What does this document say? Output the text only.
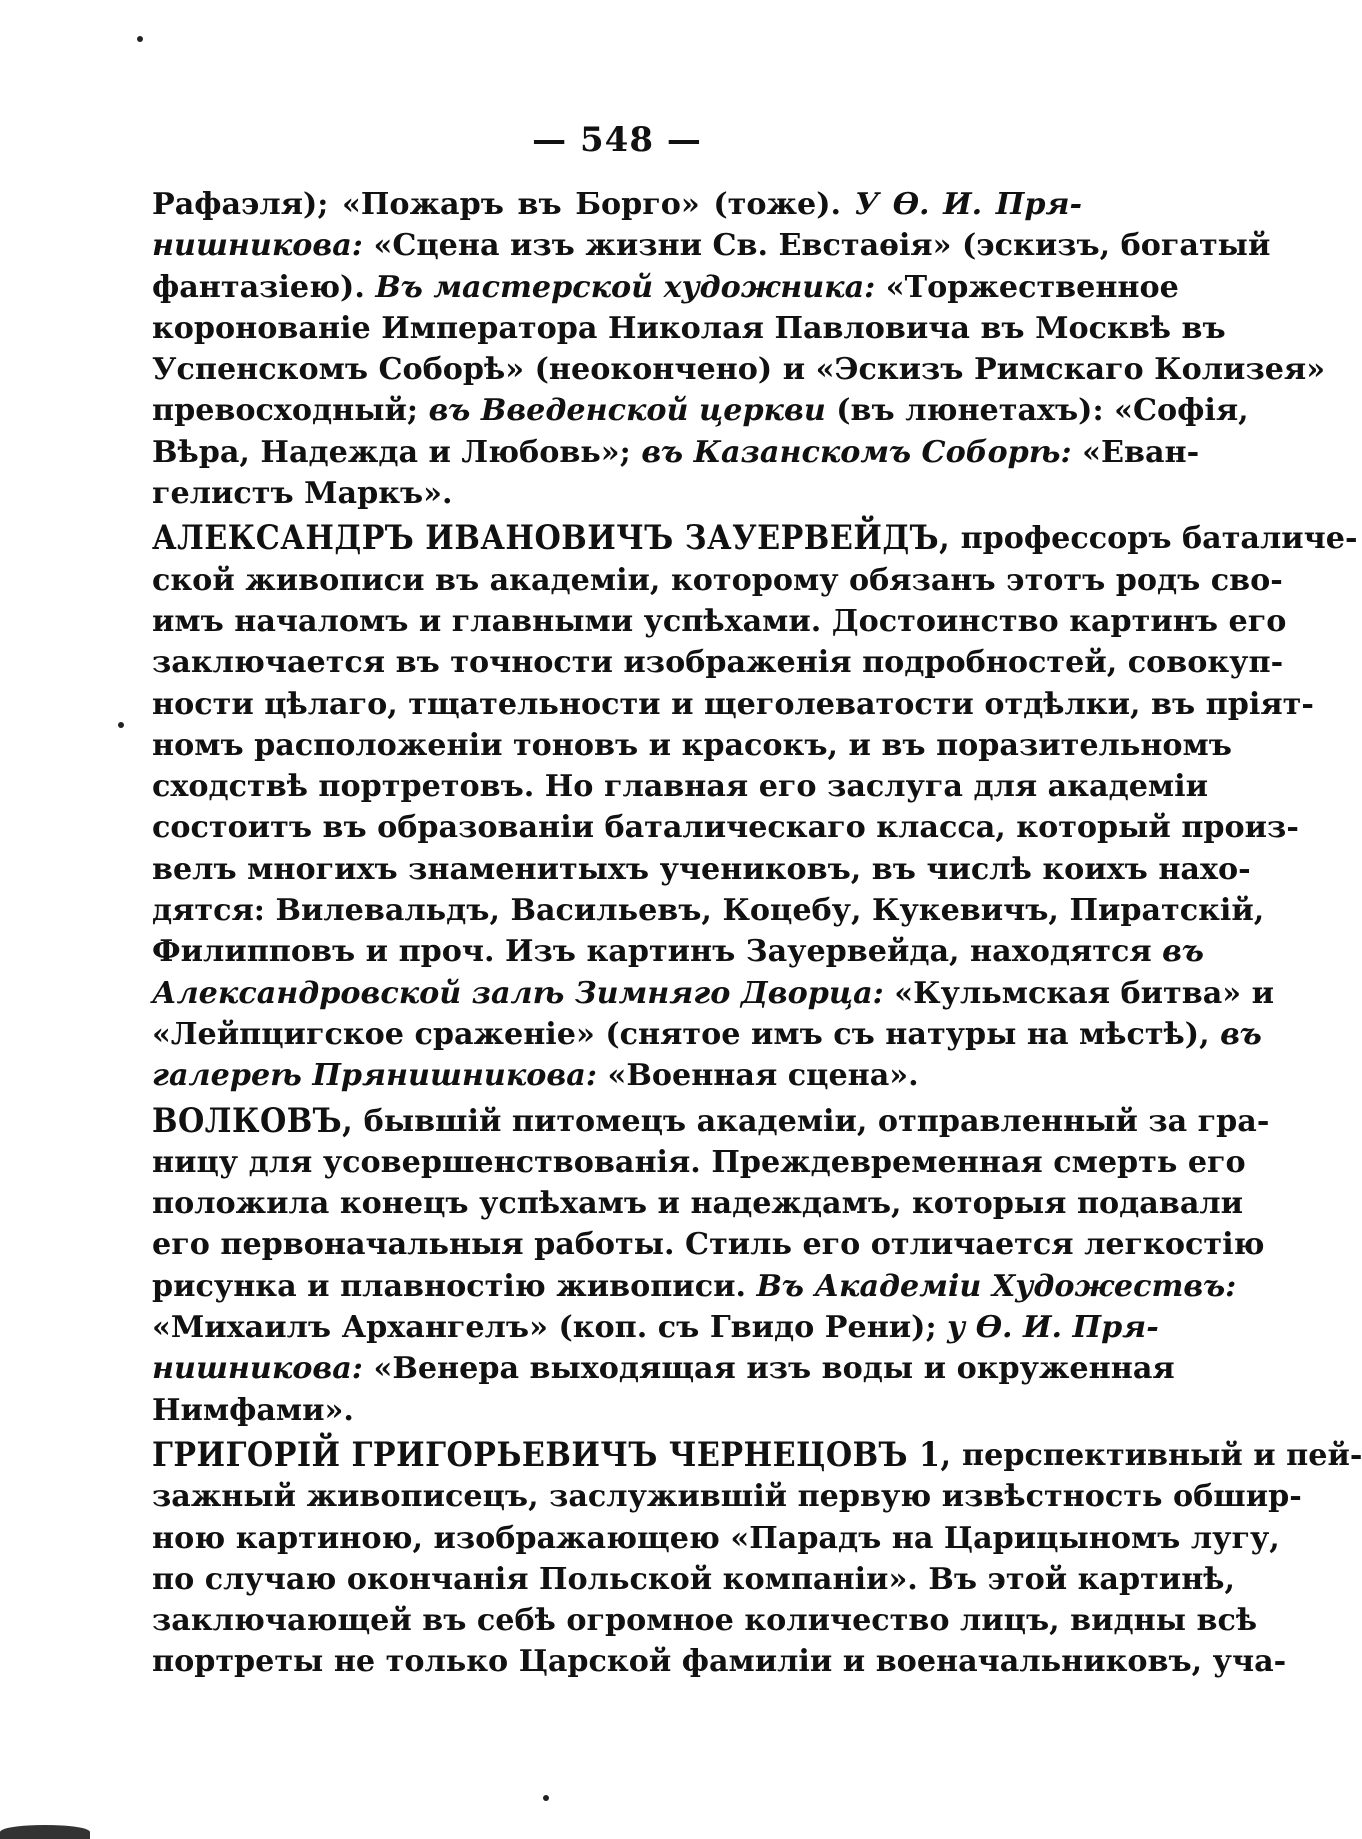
— 548 —
Рафаэля); «Пожаръ въ Борго» (тоже). У Ѳ. И. Пря-
нишникова: «Сцена изъ жизни Св. Евстаѳія» (эскизъ, богатый
фантазіею). Въ мастерской художника: «Торжественное
коронованіе Императора Николая Павловича въ Москвѣ въ
Успенскомъ Соборѣ» (неокончено) и «Эскизъ Римскаго Колизея»
превосходный; въ Введенской церкви (въ люнетахъ): «Софія,
Вѣра, Надежда и Любовь»; въ Казанскомъ Соборѣ: «Еван-
гелистъ Маркъ».
АЛЕКСАНДРЪ ИВАНОВИЧЪ ЗАУЕРВЕЙДЪ, профессоръ баталиче-
ской живописи въ академіи, которому обязанъ этотъ родъ сво-
имъ началомъ и главными успѣхами. Достоинство картинъ его
заключается въ точности изображенія подробностей, совокуп-
ности цѣлаго, тщательности и щеголеватости отдѣлки, въ пріят-
номъ расположеніи тоновъ и красокъ, и въ поразительномъ
сходствѣ портретовъ. Но главная его заслуга для академіи
состоитъ въ образованіи баталическаго класса, который произ-
велъ многихъ знаменитыхъ учениковъ, въ числѣ коихъ нахо-
дятся: Вилевальдъ, Васильевъ, Коцебу, Кукевичъ, Пиратскій,
Филипповъ и проч. Изъ картинъ Зауервейда, находятся въ
Александровской залѣ Зимняго Дворца: «Кульмская битва» и
«Лейпцигское сраженіе» (снятое имъ съ натуры на мѣстѣ), въ
галереѣ Прянишникова: «Военная сцена».
ВОЛКОВЪ, бывшій питомецъ академіи, отправленный за гра-
ницу для усовершенствованія. Преждевременная смерть его
положила конецъ успѣхамъ и надеждамъ, которыя подавали
его первоначальныя работы. Стиль его отличается легкостію
рисунка и плавностію живописи. Въ Академіи Художествъ:
«Михаилъ Архангелъ» (коп. съ Гвидо Рени); у Ѳ. И. Пря-
нишникова: «Венера выходящая изъ воды и окруженная
Нимфами».
ГРИГОРІЙ ГРИГОРЬЕВИЧЪ ЧЕРНЕЦОВЪ 1, перспективный и пей-
зажный живописецъ, заслужившій первую извѣстность обшир-
ною картиною, изображающею «Парадъ на Царицыномъ лугу,
по случаю окончанія Польской компаніи». Въ этой картинѣ,
заключающей въ себѣ огромное количество лицъ, видны всѣ
портреты не только Царской фамиліи и военачальниковъ, уча-
